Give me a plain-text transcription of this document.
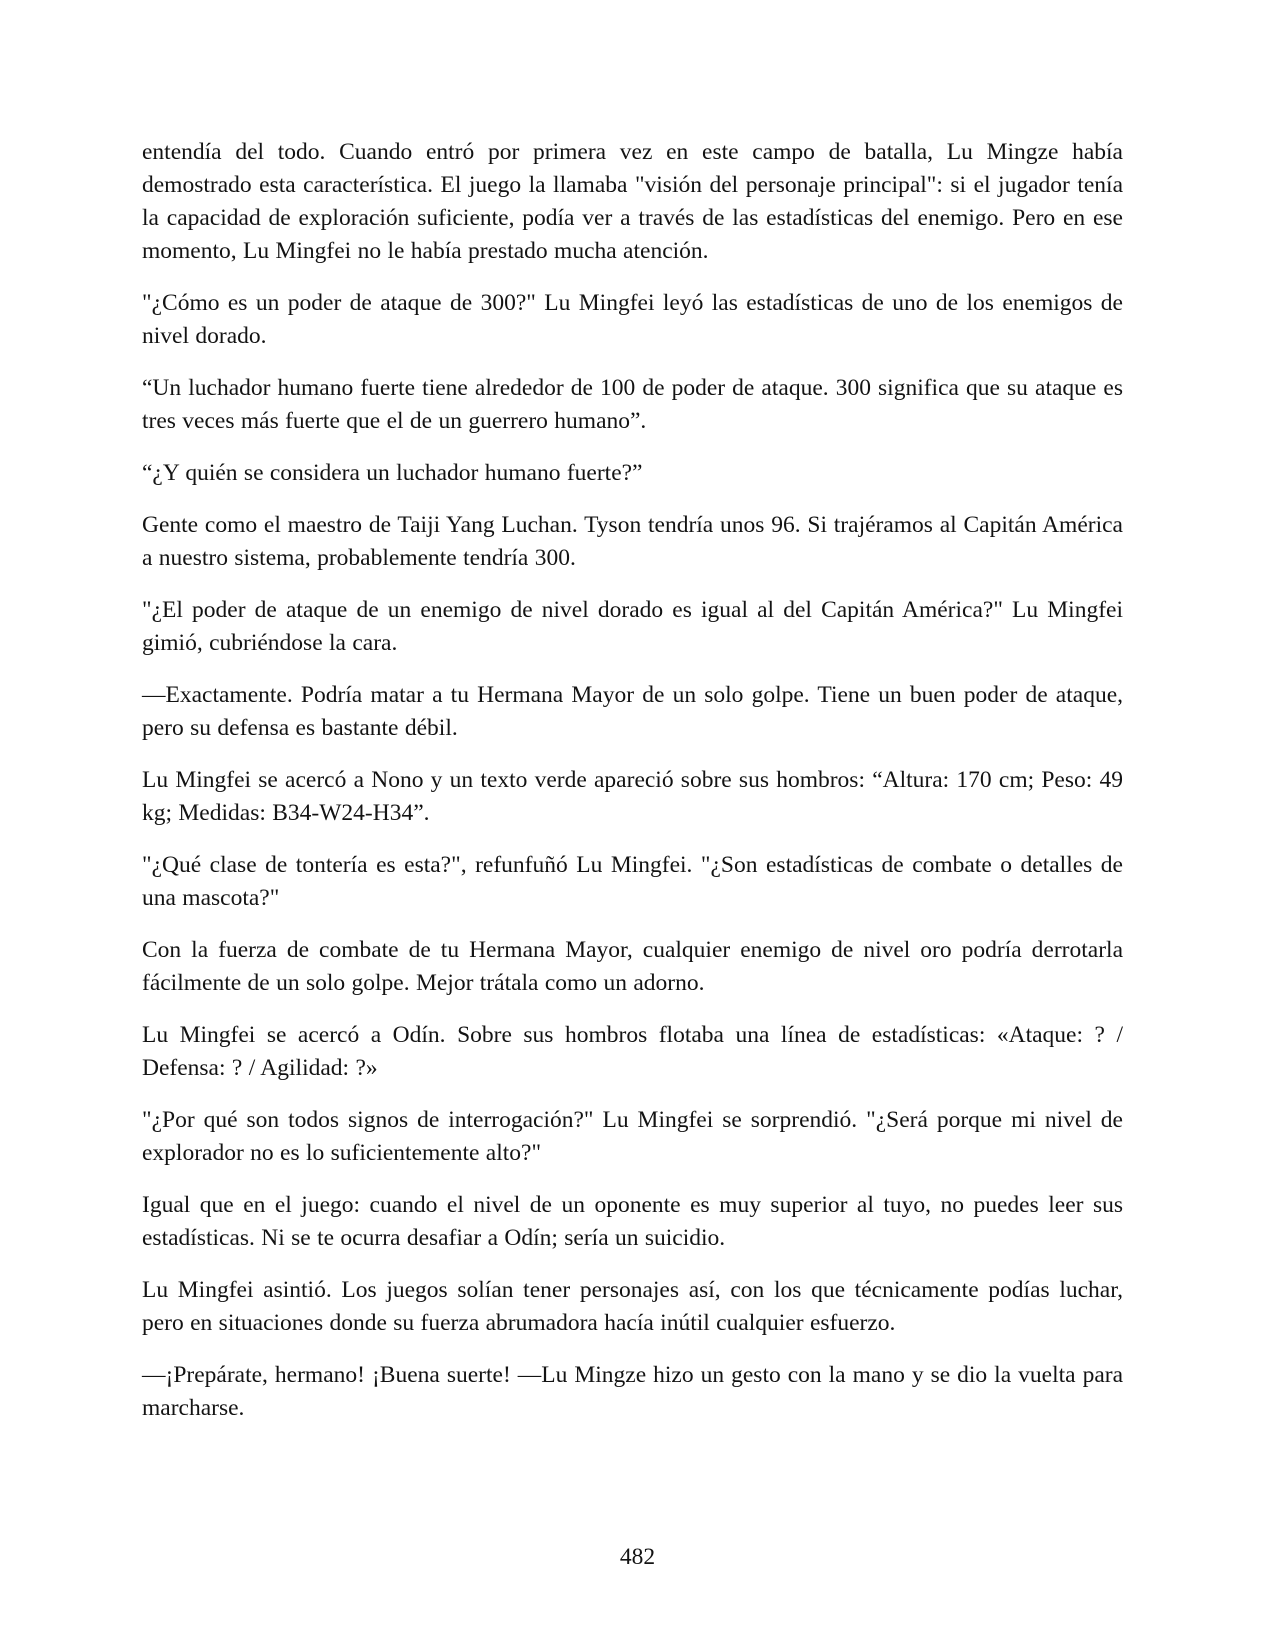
entendía del todo. Cuando entró por primera vez en este campo de batalla, Lu Mingze había demostrado esta característica. El juego la llamaba "visión del personaje principal": si el jugador tenía la capacidad de exploración suficiente, podía ver a través de las estadísticas del enemigo. Pero en ese momento, Lu Mingfei no le había prestado mucha atención.

"¿Cómo es un poder de ataque de 300?" Lu Mingfei leyó las estadísticas de uno de los enemigos de nivel dorado.

“Un luchador humano fuerte tiene alrededor de 100 de poder de ataque. 300 significa que su ataque es tres veces más fuerte que el de un guerrero humano”.

“¿Y quién se considera un luchador humano fuerte?”

Gente como el maestro de Taiji Yang Luchan. Tyson tendría unos 96. Si trajéramos al Capitán América a nuestro sistema, probablemente tendría 300.

"¿El poder de ataque de un enemigo de nivel dorado es igual al del Capitán América?" Lu Mingfei gimió, cubriéndose la cara.

—Exactamente. Podría matar a tu Hermana Mayor de un solo golpe. Tiene un buen poder de ataque, pero su defensa es bastante débil.

Lu Mingfei se acercó a Nono y un texto verde apareció sobre sus hombros: “Altura: 170 cm; Peso: 49 kg; Medidas: B34-W24-H34”.

"¿Qué clase de tontería es esta?", refunfuñó Lu Mingfei. "¿Son estadísticas de combate o detalles de una mascota?"

Con la fuerza de combate de tu Hermana Mayor, cualquier enemigo de nivel oro podría derrotarla fácilmente de un solo golpe. Mejor trátala como un adorno.

Lu Mingfei se acercó a Odín. Sobre sus hombros flotaba una línea de estadísticas: «Ataque: ? / Defensa: ? / Agilidad: ?»

"¿Por qué son todos signos de interrogación?" Lu Mingfei se sorprendió. "¿Será porque mi nivel de explorador no es lo suficientemente alto?"

Igual que en el juego: cuando el nivel de un oponente es muy superior al tuyo, no puedes leer sus estadísticas. Ni se te ocurra desafiar a Odín; sería un suicidio.

Lu Mingfei asintió. Los juegos solían tener personajes así, con los que técnicamente podías luchar, pero en situaciones donde su fuerza abrumadora hacía inútil cualquier esfuerzo.

—¡Prepárate, hermano! ¡Buena suerte! —Lu Mingze hizo un gesto con la mano y se dio la vuelta para marcharse.

482
